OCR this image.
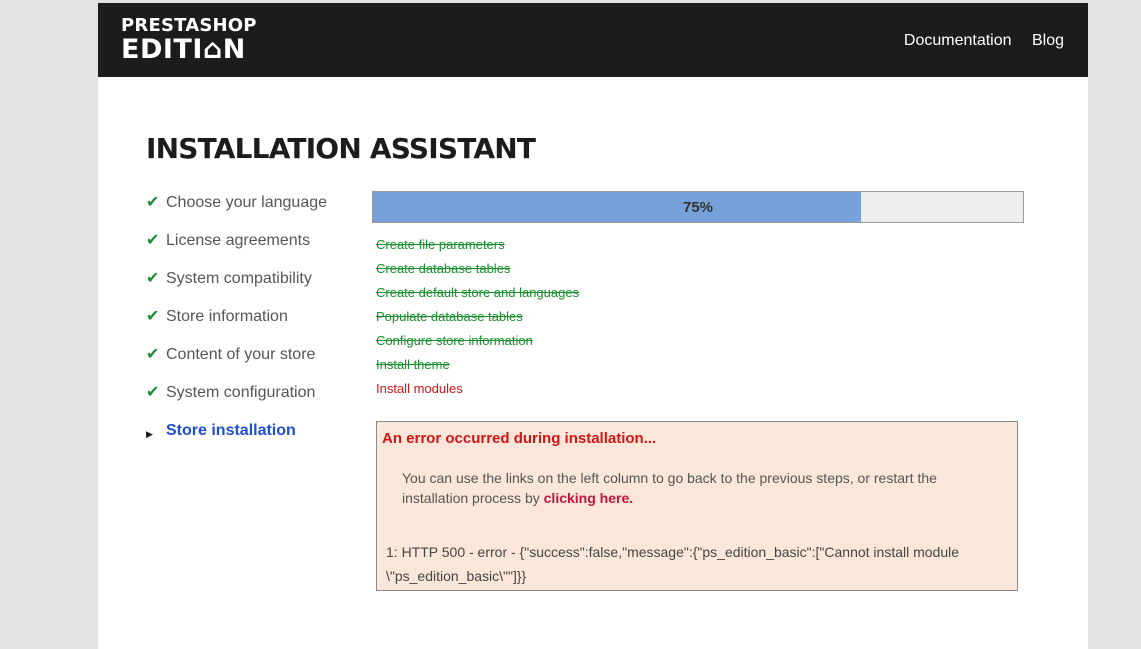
PRESTASHOP
EDITI⌂N	Documentation Blog
INSTALLATION ASSISTANT
✔ Choose your language
✔ License agreements
✔ System compatibility
✔ Store information
✔ Content of your store
✔ System configuration
▶ Store installation
75%
Create file parameters
Create database tables
Create default store and languages
Populate database tables
Configure store information
Install theme
Install modules
An error occurred during installation...
You can use the links on the left column to go back to the previous steps, or restart the installation process by clicking here.
1: HTTP 500 - error - {"success":false,"message":{"ps_edition_basic":["Cannot install module \"ps_edition_basic\""]}}
